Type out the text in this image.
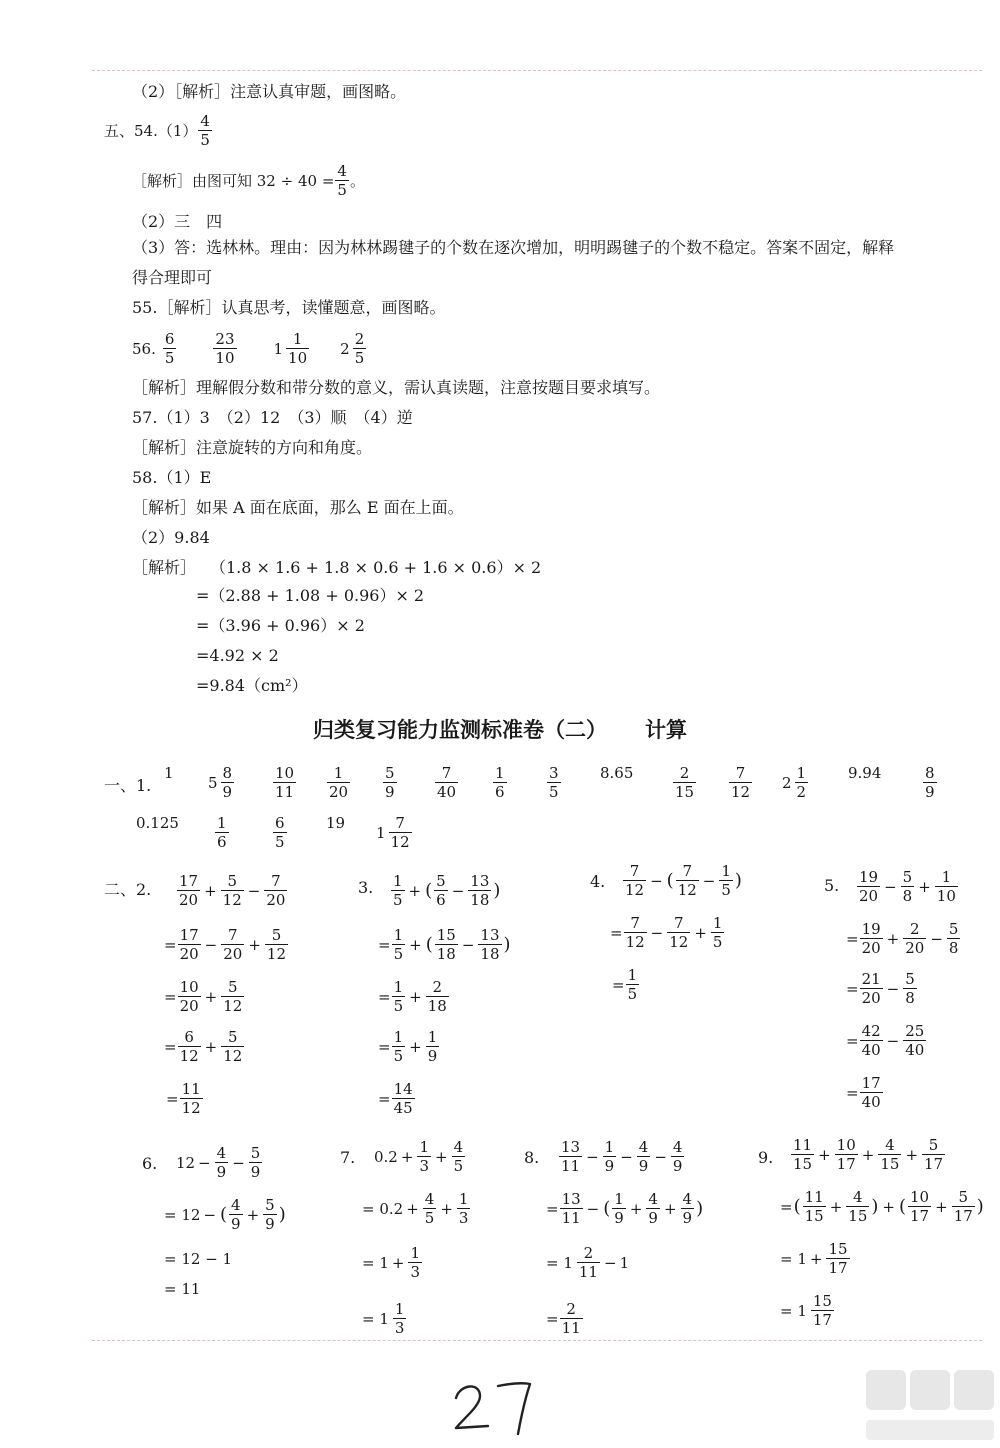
（2）［解析］注意认真审题，画图略。
五、$54.(1) \frac{4}{5}$
［解析］由图可知 $32 \div 40 = \frac{4}{5}$ 。
（2）三　四
（3）答：选林林。理由：因为林林踢毽子的个数在逐次增加，明明踢毽子的个数不稳定。答案不固定，解释
得合理即可
55.［解析］认真思考，读懂题意，画图略。
56. $\frac{6}{5} \frac{23}{10} 1 \frac{1}{10} 2 \frac{2}{5}$
［解析］理解假分数和带分数的意义，需认真读题，注意按题目要求填写。
57.（1）3　（2）12　（3）顺　（4）逆
［解析］注意旋转的方向和角度。
58.（1）E
［解析］如果 A 面在底面，那么 E 面在上面。
（2）9.84
［解析］ （1.8 × 1.6 + 1.8 × 0.6 + 1.6 × 0.6）× 2
=（2.88 + 1.08 + 0.96）× 2
=（3.96 + 0.96）× 2
=4.92 × 2
=9.84（cm²）
归类复习能力监测标准卷（二） 计算
一、1.
二、2.	3.	4.	5.
6.	7.	8.	9.
$\frac{17}{20} + \frac{5}{12} - \frac{7}{20}$
= $\frac{17}{20} - \frac{7}{20} + \frac{5}{12}$
= $\frac{10}{20} + \frac{5}{12}$
= $\frac{6}{12} + \frac{5}{12}$
= $\frac{11}{12}$
$\frac{1}{5}$ + ( $\frac{5}{6} - \frac{13}{18}$ )
= $\frac{1}{5}$ + ( $\frac{15}{18} - \frac{13}{18}$ )
= $\frac{1}{5} + \frac{2}{18}$
= $\frac{1}{5} + \frac{1}{9}$
= $\frac{14}{45}$
$\frac{7}{12}$ − ( $\frac{7}{12} - \frac{1}{5}$ )
= $\frac{7}{12} - \frac{7}{12} + \frac{1}{5}$
= $\frac{1}{5}$
$\frac{19}{20} - \frac{5}{8} + \frac{1}{10}$
= $\frac{19}{20} + \frac{2}{20} - \frac{5}{8}$
= $\frac{21}{20} - \frac{5}{8}$
= $\frac{42}{40} - \frac{25}{40}$
= $\frac{17}{40}$
$12 - \frac{4}{9} - \frac{5}{9}$
= 12 − ( $\frac{4}{9} + \frac{5}{9}$ )
= 12 − 1
= 11
$0.2 + \frac{1}{3} + \frac{4}{5}$
= $0.2 + \frac{4}{5} + \frac{1}{3}$
= $1 + \frac{1}{3}$
= $1 \frac{1}{3}$
$\frac{13}{11} - \frac{1}{9} - \frac{4}{9} - \frac{4}{9}$
= $\frac{13}{11}$ − ( $\frac{1}{9} + \frac{4}{9} + \frac{4}{9}$ )
= $1 \frac{2}{11} - 1$
= $\frac{2}{11}$
$\frac{11}{15} + \frac{10}{17} + \frac{4}{15} + \frac{5}{17}$
= ( $\frac{11}{15} + \frac{4}{15}$ ) + ( $\frac{10}{17} + \frac{5}{17}$ )
= $1 + \frac{15}{17}$
= $1 \frac{15}{17}$
1
$5 \frac{8}{9}$	$\frac{10}{11} \frac{1}{20} \frac{5}{9}$	$\frac{7}{40} \frac{1}{6}$	$\frac{3}{5}$	8.65	$\frac{2}{15} \frac{7}{12} 2 \frac{1}{2}$	9.94	$\frac{8}{9}$
$0.125 \frac{1}{6}$	$\frac{6}{5}$	19
$1 \frac{7}{12}$
